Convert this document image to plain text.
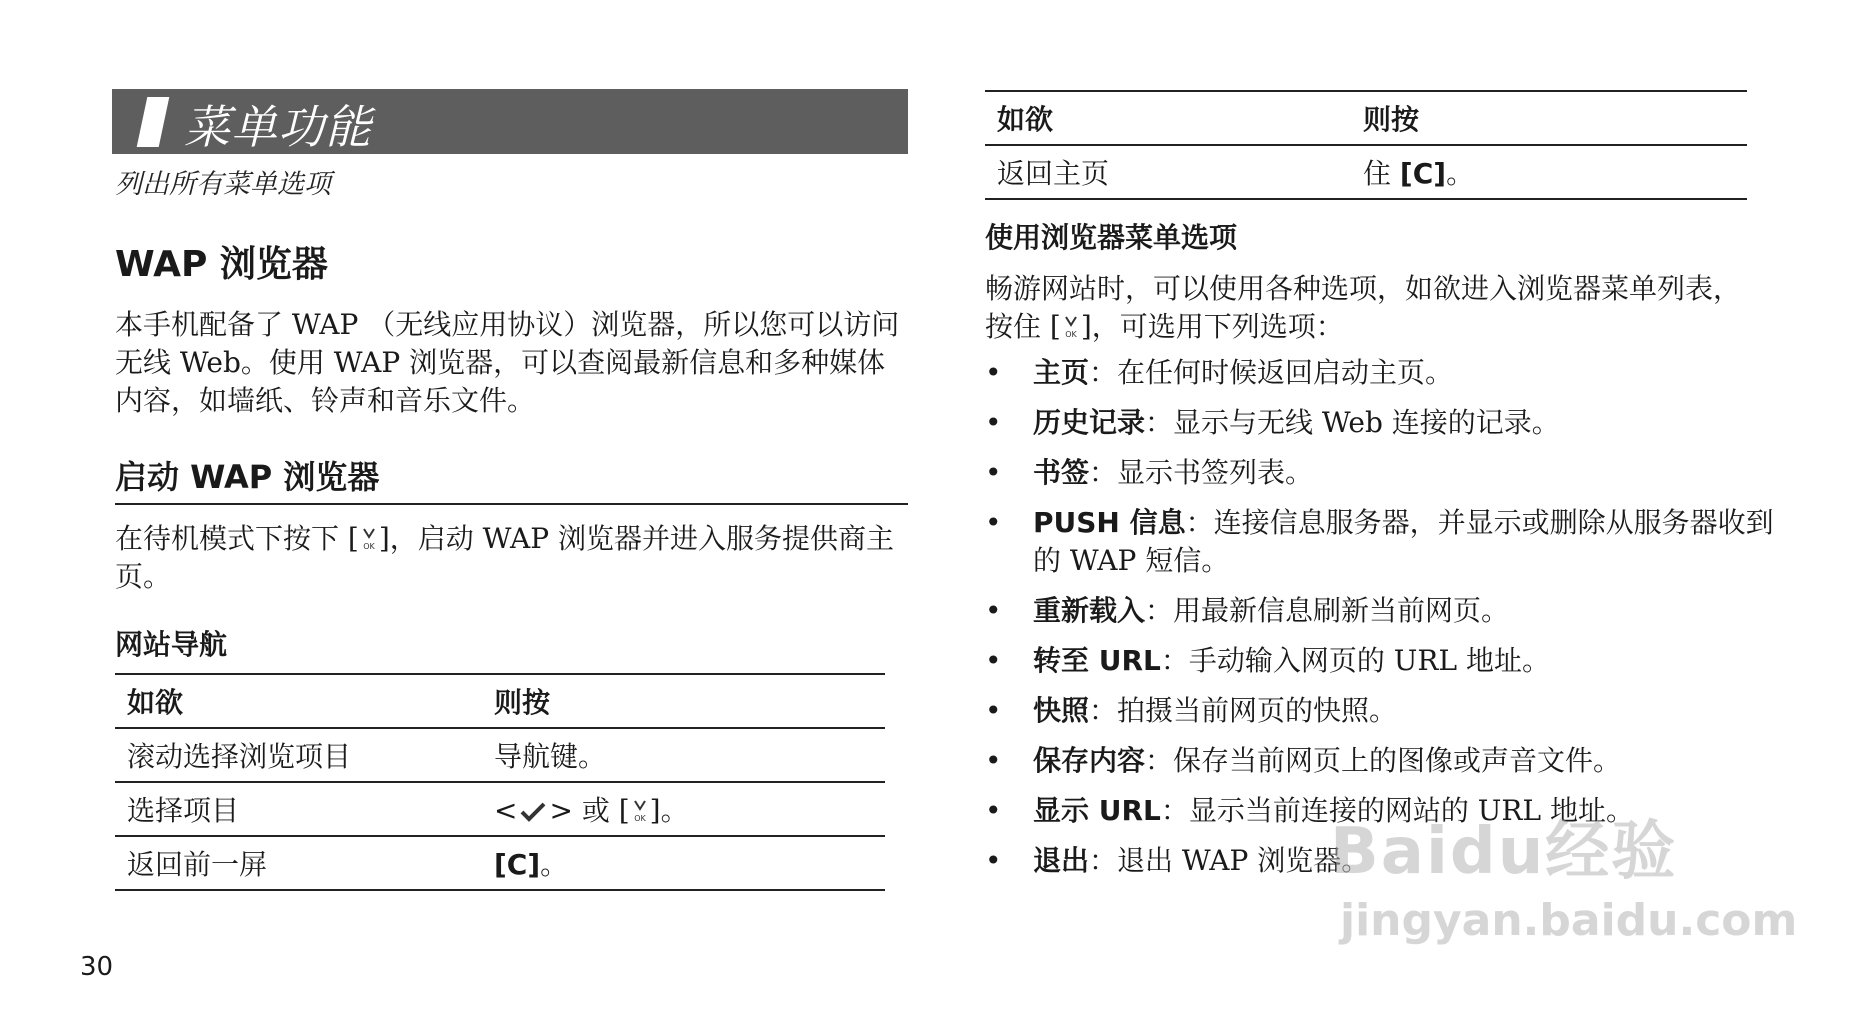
菜单功能
列出所有菜单选项
WAP 浏览器
本手机配备了 WAP （无线应用协议）浏览器，所以您可以访问无线 Web。使用 WAP 浏览器，可以查阅最新信息和多种媒体内容，如墙纸、铃声和音乐文件。
启动 WAP 浏览器
在待机模式下按下 [ OK ]，启动 WAP 浏览器并进入服务提供商主页。
网站导航
如欲	则按
滚动选择浏览项目	导航键。
选择项目	< > 或 [ OK ]。
返回前一屏	[C]。
如欲	则按
返回主页	住 [C]。
使用浏览器菜单选项
畅游网站时，可以使用各种选项，如欲进入浏览器菜单列表，按住 [ OK ]，可选用下列选项：
• 主页：在任何时候返回启动主页。
• 历史记录：显示与无线 Web 连接的记录。
• 书签：显示书签列表。
• PUSH 信息：连接信息服务器，并显示或删除从服务器收到的 WAP 短信。
• 重新载入：用最新信息刷新当前网页。
• 转至 URL：手动输入网页的 URL 地址。
• 快照：拍摄当前网页的快照。
• 保存内容：保存当前网页上的图像或声音文件。
• 显示 URL：显示当前连接的网站的 URL 地址。
• 退出：退出 WAP 浏览器。
30
Baidu经验
jingyan.baidu.com
